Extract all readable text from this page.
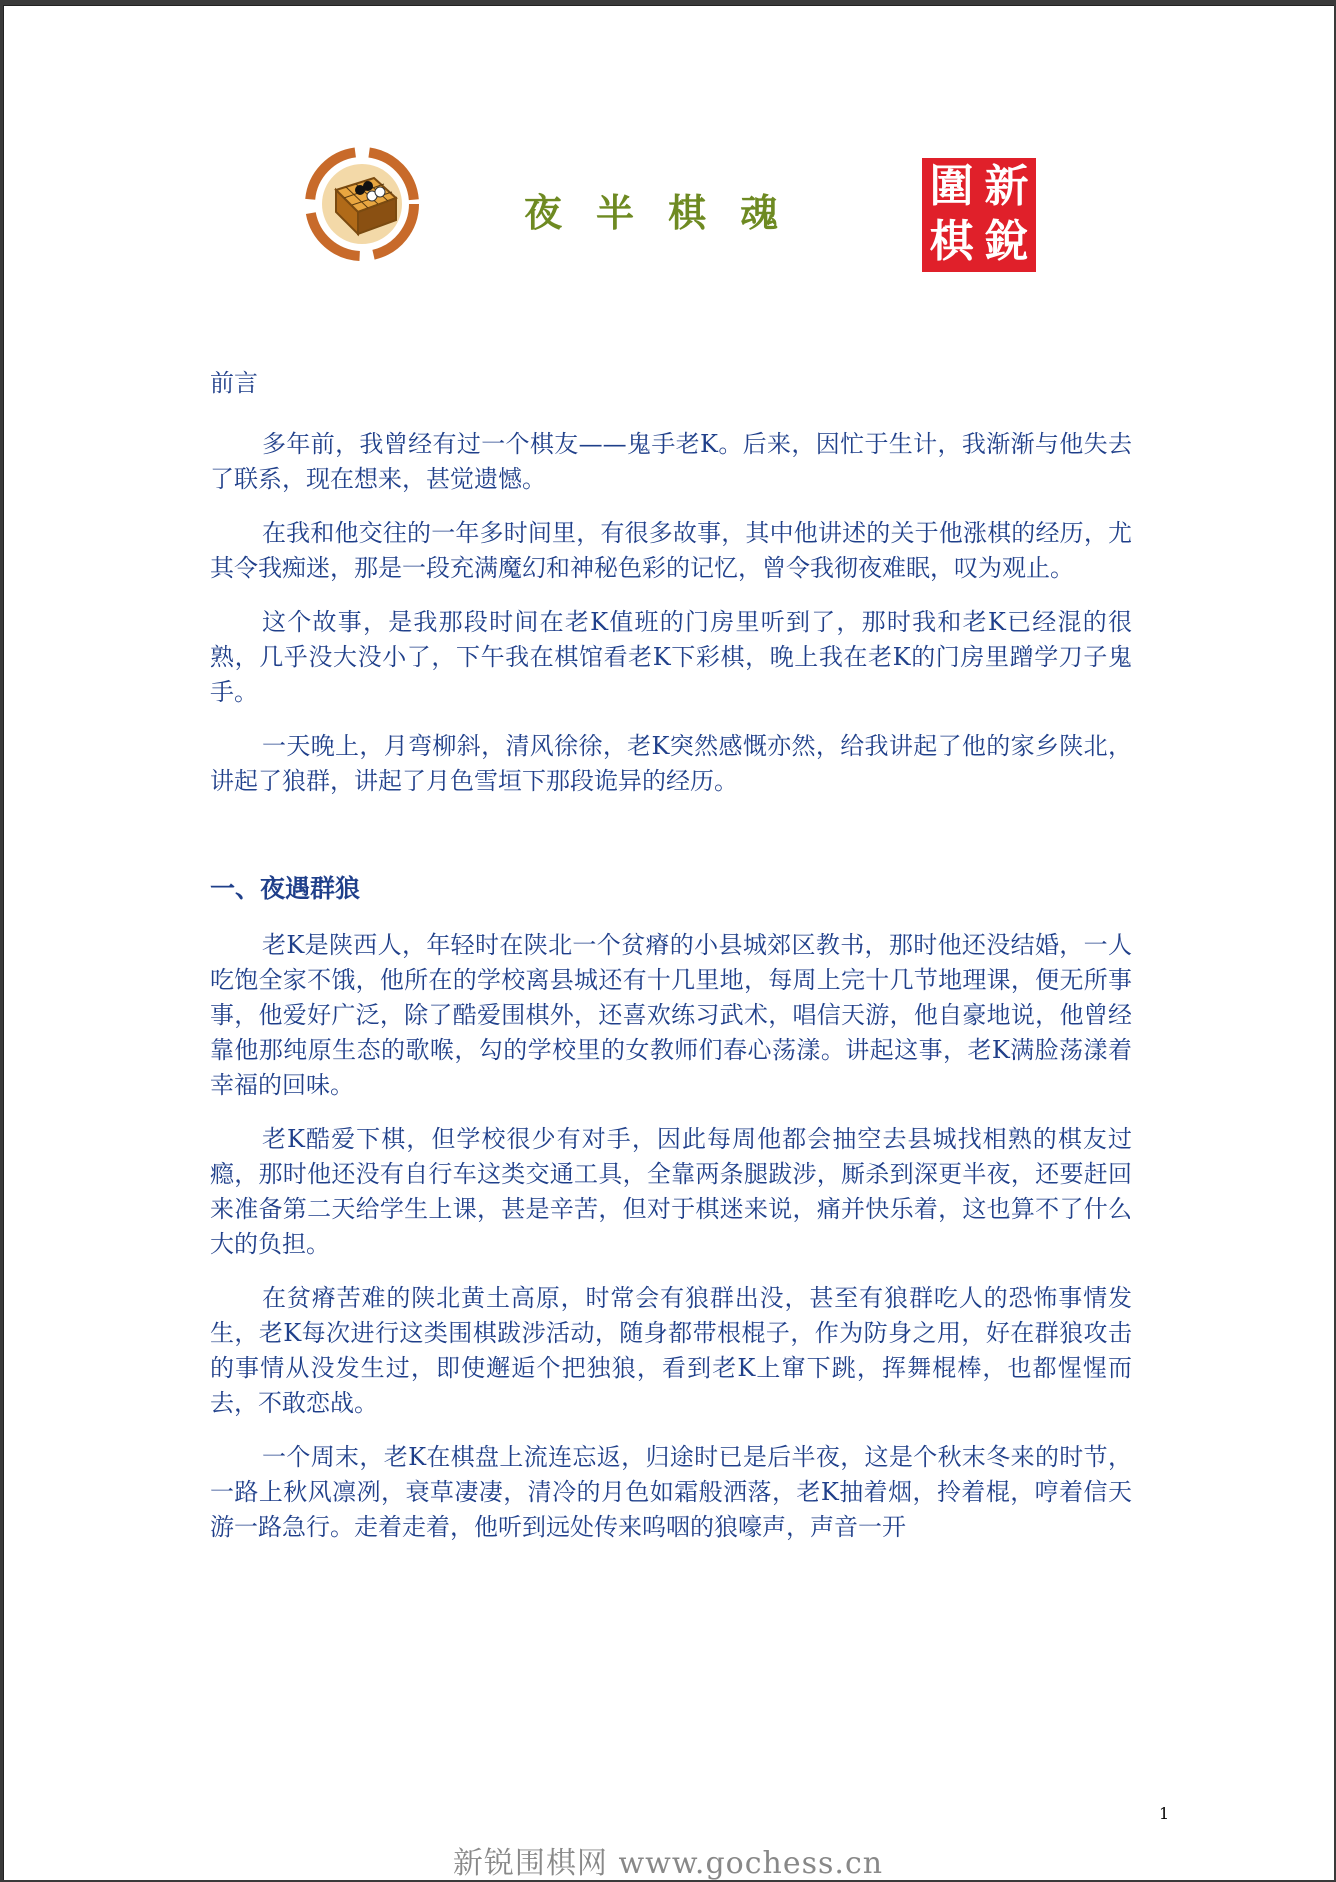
夜半棋魂
圍 新
棋 銳

前言

多年前，我曾经有过一个棋友——鬼手老K。后来，因忙于生计，我渐渐与他失去了联系，现在想来，甚觉遗憾。

在我和他交往的一年多时间里，有很多故事，其中他讲述的关于他涨棋的经历，尤其令我痴迷，那是一段充满魔幻和神秘色彩的记忆，曾令我彻夜难眠，叹为观止。

这个故事，是我那段时间在老K值班的门房里听到了，那时我和老K已经混的很熟，几乎没大没小了，下午我在棋馆看老K下彩棋，晚上我在老K的门房里蹭学刀子鬼手。

一天晚上，月弯柳斜，清风徐徐，老K突然感慨亦然，给我讲起了他的家乡陕北，讲起了狼群，讲起了月色雪垣下那段诡异的经历。

一、夜遇群狼

老K是陕西人，年轻时在陕北一个贫瘠的小县城郊区教书，那时他还没结婚，一人吃饱全家不饿，他所在的学校离县城还有十几里地，每周上完十几节地理课，便无所事事，他爱好广泛，除了酷爱围棋外，还喜欢练习武术，唱信天游，他自豪地说，他曾经靠他那纯原生态的歌喉，勾的学校里的女教师们春心荡漾。讲起这事，老K满脸荡漾着幸福的回味。

老K酷爱下棋，但学校很少有对手，因此每周他都会抽空去县城找相熟的棋友过瘾，那时他还没有自行车这类交通工具，全靠两条腿跋涉，厮杀到深更半夜，还要赶回来准备第二天给学生上课，甚是辛苦，但对于棋迷来说，痛并快乐着，这也算不了什么大的负担。

在贫瘠苦难的陕北黄土高原，时常会有狼群出没，甚至有狼群吃人的恐怖事情发生，老K每次进行这类围棋跋涉活动，随身都带根棍子，作为防身之用，好在群狼攻击的事情从没发生过，即使邂逅个把独狼，看到老K上窜下跳，挥舞棍棒，也都惺惺而去，不敢恋战。

一个周末，老K在棋盘上流连忘返，归途时已是后半夜，这是个秋末冬来的时节，一路上秋风凛冽，衰草凄凄，清冷的月色如霜般洒落，老K抽着烟，拎着棍，哼着信天游一路急行。走着走着，他听到远处传来呜咽的狼嚎声，声音一开

1
新锐围棋网 www.gochess.cn
